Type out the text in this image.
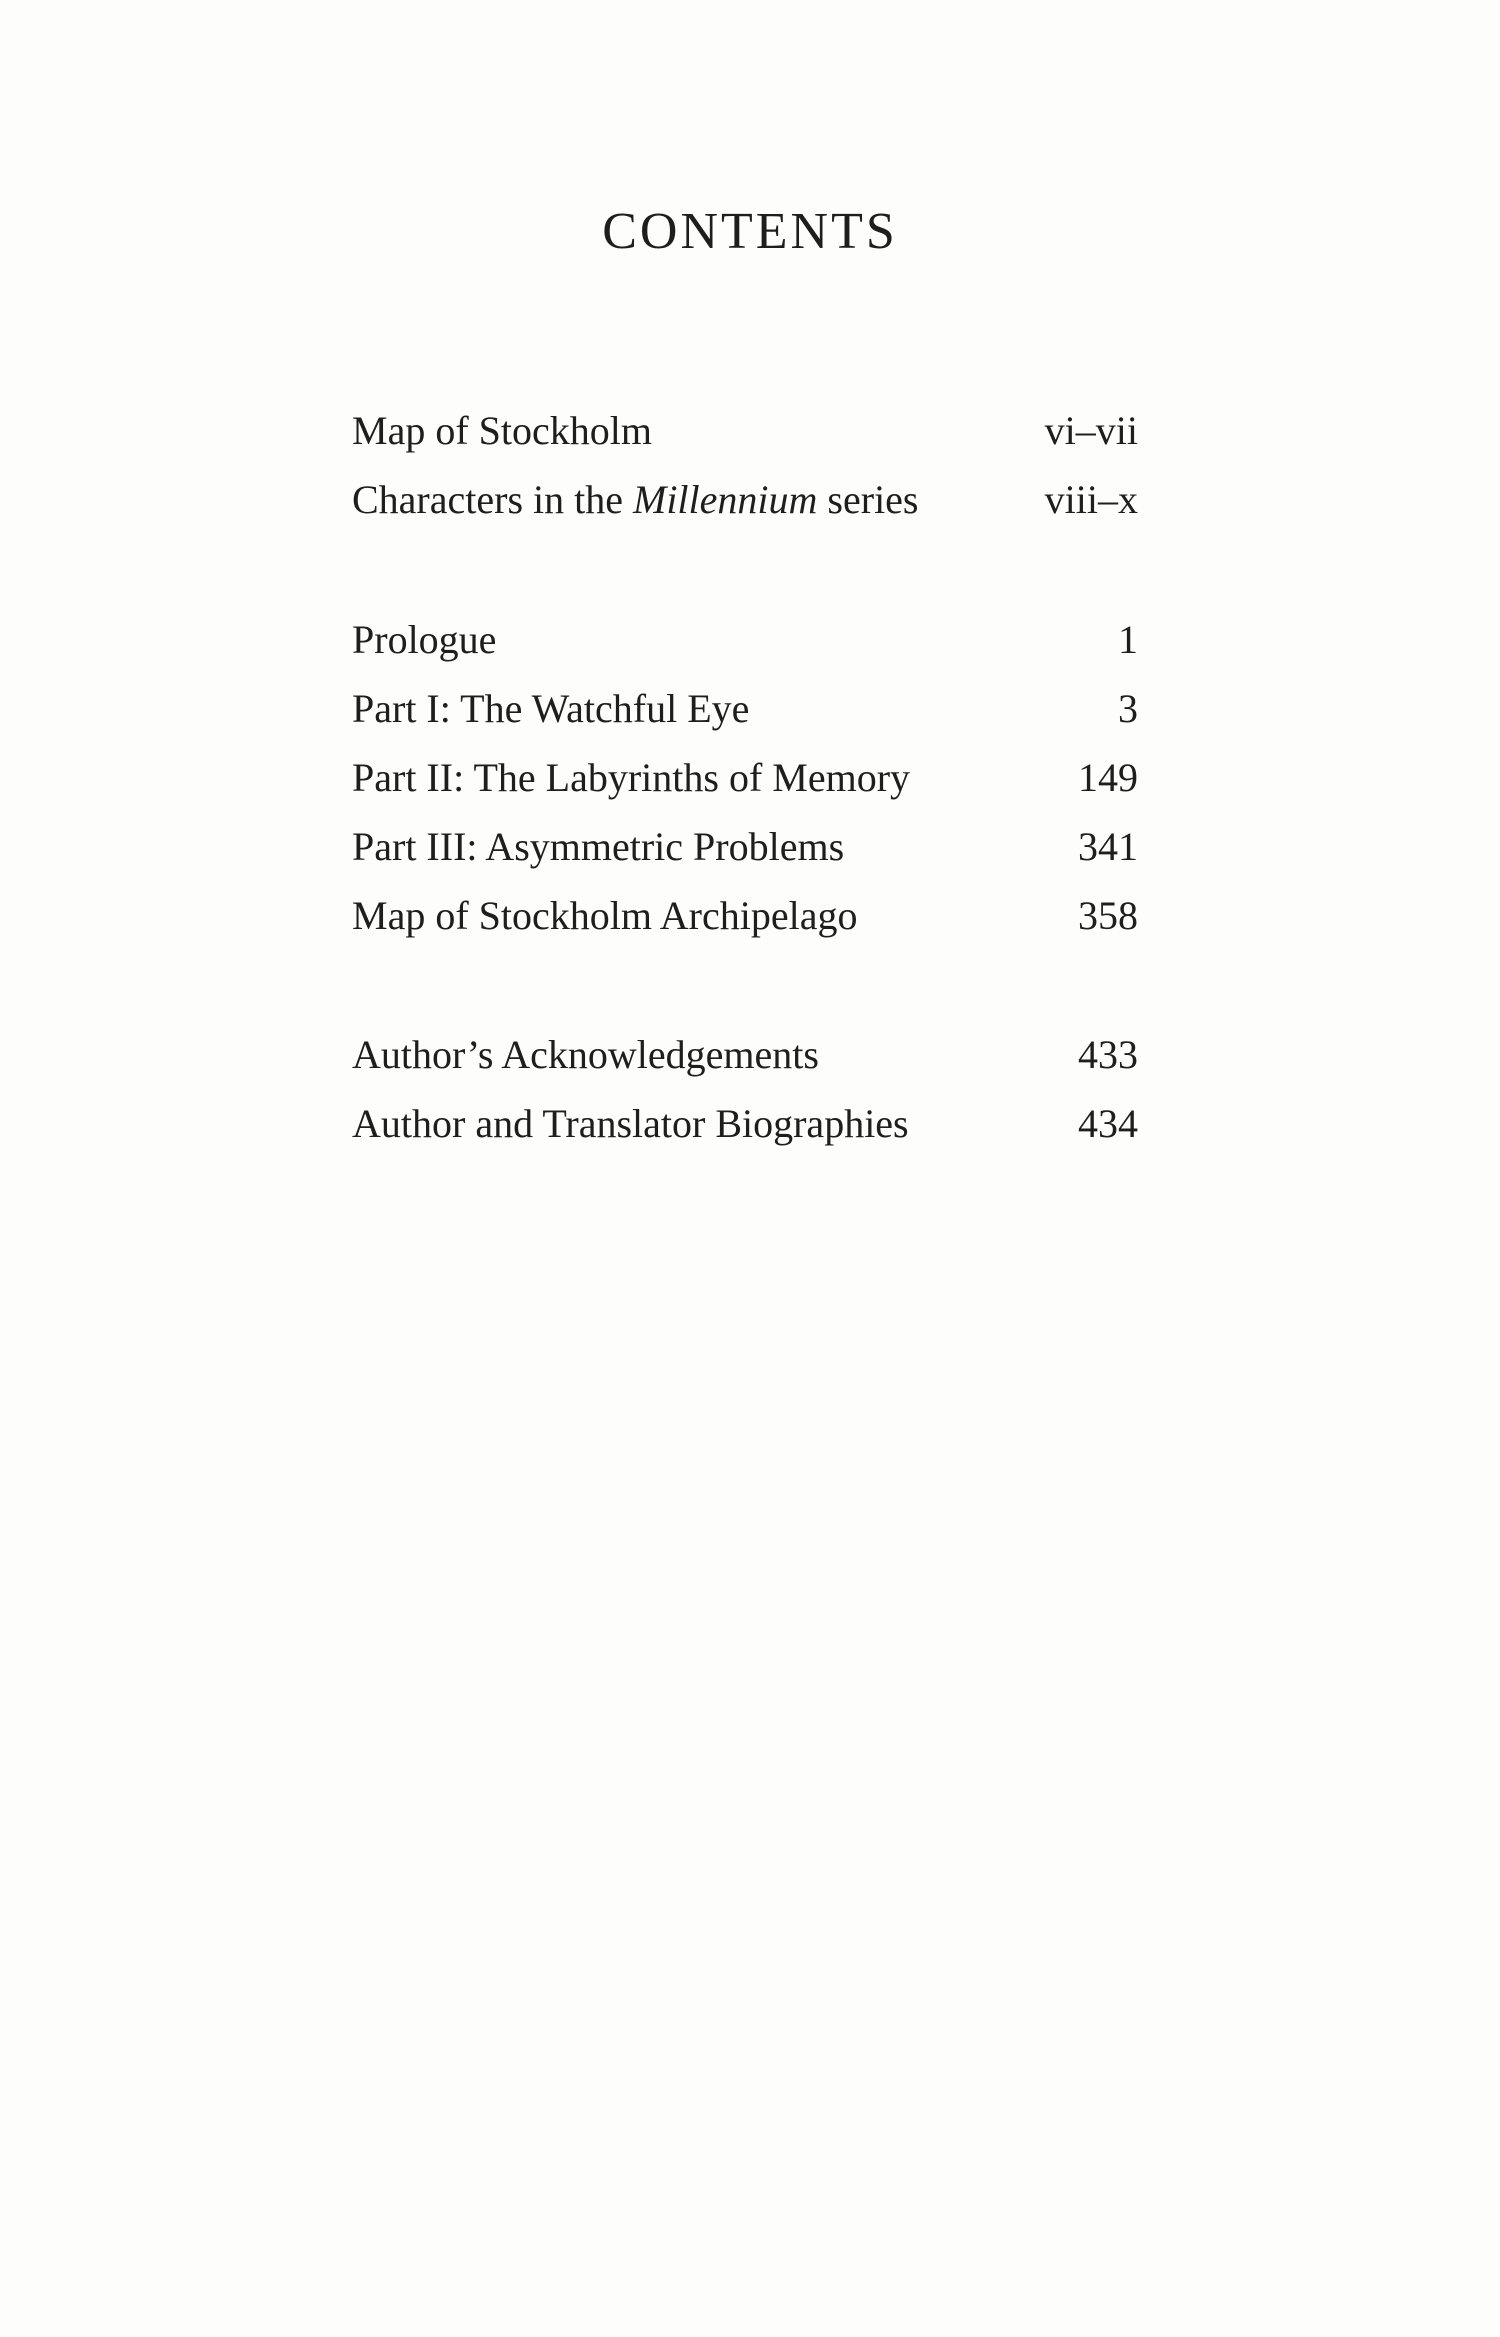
CONTENTS
Map of Stockholm	vi–vii
Characters in the Millennium series	viii–x
Prologue	1
Part I: The Watchful Eye	3
Part II: The Labyrinths of Memory	149
Part III: Asymmetric Problems	341
Map of Stockholm Archipelago	358
Author’s Acknowledgements	433
Author and Translator Biographies	434
